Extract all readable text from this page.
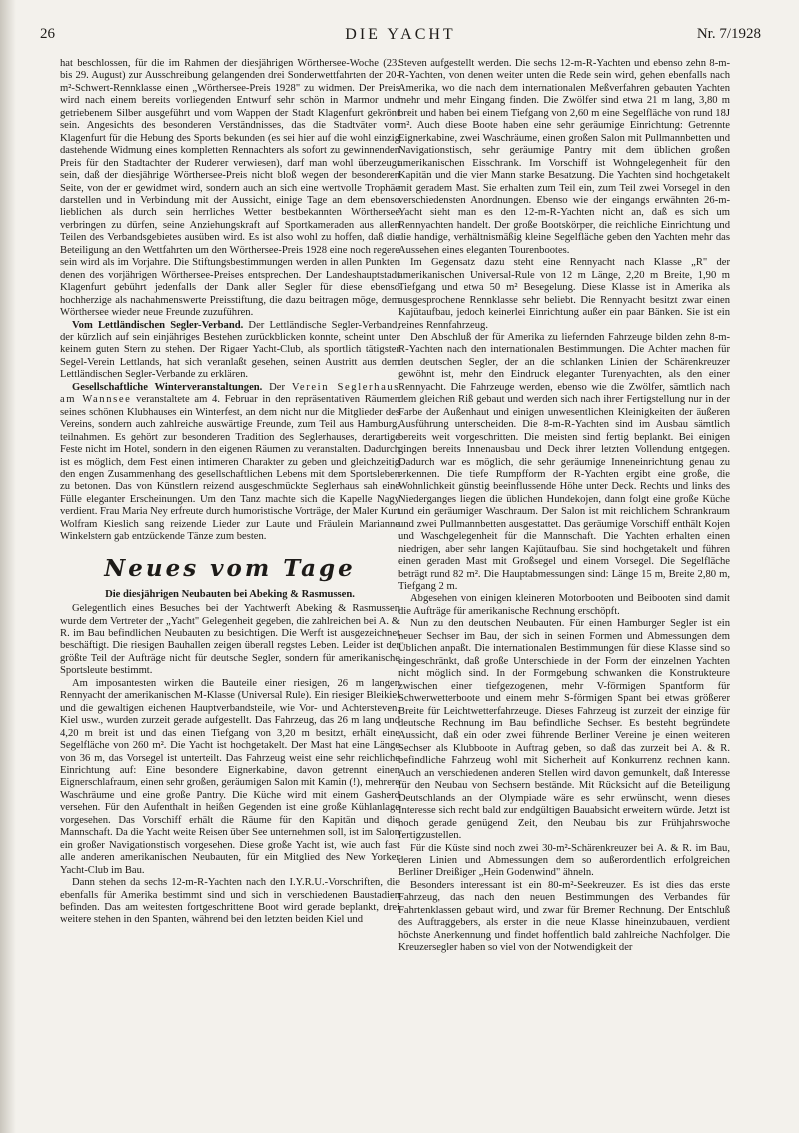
26	DIE YACHT	Nr. 7/1928

hat beschlossen, für die im Rahmen der diesjährigen Wörthersee-Woche (23. bis 29. August) zur Ausschreibung gelangenden drei Sonderwettfahrten der 20-m²-Schwert-Rennklasse einen „Wörthersee-Preis 1928" zu widmen. Der Preis wird nach einem bereits vorliegenden Entwurf sehr schön in Marmor und getriebenem Silber ausgeführt und vom Wappen der Stadt Klagenfurt gekrönt sein. Angesichts des besonderen Verständnisses, das die Stadtväter von Klagenfurt für die Hebung des Sports bekunden (es sei hier auf die wohl einzig dastehende Widmung eines kompletten Rennachters als sofort zu gewinnenden Preis für den Stadtachter der Ruderer verwiesen), darf man wohl überzeugt sein, daß der diesjährige Wörthersee-Preis nicht bloß wegen der besonderen Seite, von der er gewidmet wird, sondern auch an sich eine wertvolle Trophäe darstellen und in Verbindung mit der Aussicht, einige Tage an dem ebenso lieblichen als durch sein herrliches Wetter bestbekannten Wörthersee verbringen zu dürfen, seine Anziehungskraft auf Sportkameraden aus allen Teilen des Verbandsgebietes ausüben wird. Es ist also wohl zu hoffen, daß die Beteiligung an den Wettfahrten um den Wörthersee-Preis 1928 eine noch regere sein wird als im Vorjahre. Die Stiftungsbestimmungen werden in allen Punkten denen des vorjährigen Wörthersee-Preises entsprechen. Der Landeshauptstadt Klagenfurt gebührt jedenfalls der Dank aller Segler für diese ebenso hochherzige als nachahmenswerte Preisstiftung, die dazu beitragen möge, dem Wörthersee wieder neue Freunde zuzuführen.

Vom Lettländischen Segler-Verband. Der Lettländische Segler-Verband, der kürzlich auf sein einjähriges Bestehen zurückblicken konnte, scheint unter keinem guten Stern zu stehen. Der Rigaer Yacht-Club, als sportlich tätigster Segel-Verein Lettlands, hat sich veranlaßt gesehen, seinen Austritt aus dem Lettländischen Segler-Verbande zu erklären.

Gesellschaftliche Winterveranstaltungen. Der Verein Seglerhaus am Wannsee veranstaltete am 4. Februar in den repräsentativen Räumen seines schönen Klubhauses ein Winterfest, an dem nicht nur die Mitglieder des Vereins, sondern auch zahlreiche auswärtige Freunde, zum Teil aus Hamburg, teilnahmen. Es gehört zur besonderen Tradition des Seglerhauses, derartige Feste nicht im Hotel, sondern in den eigenen Räumen zu veranstalten. Dadurch ist es möglich, dem Fest einen intimeren Charakter zu geben und gleichzeitig den engen Zusammenhang des gesellschaftlichen Lebens mit dem Sportsleben zu betonen. Das von Künstlern reizend ausgeschmückte Seglerhaus sah eine Fülle eleganter Erscheinungen. Um den Tanz machte sich die Kapelle Nagy verdient. Frau Maria Ney erfreute durch humoristische Vorträge, der Maler Kurt Wolfram Kieslich sang reizende Lieder zur Laute und Fräulein Marianne Winkelstern gab entzückende Tänze zum besten.

Neues vom Tage
Die diesjährigen Neubauten bei Abeking & Rasmussen.

Gelegentlich eines Besuches bei der Yachtwerft Abeking & Rasmussen wurde dem Vertreter der „Yacht" Gelegenheit gegeben, die zahlreichen bei A. & R. im Bau befindlichen Neubauten zu besichtigen. Die Werft ist ausgezeichnet beschäftigt. Die riesigen Bauhallen zeigen überall regstes Leben. Leider ist der größte Teil der Aufträge nicht für deutsche Segler, sondern für amerikanische Sportsleute bestimmt.

Am imposantesten wirken die Bauteile einer riesigen, 26 m langen Rennyacht der amerikanischen M-Klasse (Universal Rule). Ein riesiger Bleikiel und die gewaltigen eichenen Hauptverbandsteile, wie Vor- und Achtersteven, Kiel usw., wurden zurzeit gerade aufgestellt. Das Fahrzeug, das 26 m lang und 4,20 m breit ist und das einen Tiefgang von 3,20 m besitzt, erhält eine Segelfläche von 260 m². Die Yacht ist hochgetakelt. Der Mast hat eine Länge von 36 m, das Vorsegel ist unterteilt. Das Fahrzeug weist eine sehr reichliche Einrichtung auf: Eine besondere Eignerkabine, davon getrennt einen Eignerschlafraum, einen sehr großen, geräumigen Salon mit Kamin (!), mehrere Waschräume und eine große Pantry. Die Küche wird mit einem Gasherd versehen. Für den Aufenthalt in heißen Gegenden ist eine große Kühlanlage vorgesehen. Das Vorschiff erhält die Räume für den Kapitän und die Mannschaft. Da die Yacht weite Reisen über See unternehmen soll, ist im Salon ein großer Navigationstisch vorgesehen. Diese große Yacht ist, wie auch fast alle anderen amerikanischen Neubauten, für ein Mitglied des New Yorker Yacht-Club im Bau.

Dann stehen da sechs 12-m-R-Yachten nach den I.Y.R.U.-Vorschriften, die ebenfalls für Amerika bestimmt sind und sich in verschiedenen Baustadien befinden. Das am weitesten fortgeschrittene Boot wird gerade beplankt, drei weitere stehen in den Spanten, während bei den letzten beiden Kiel und

Steven aufgestellt werden. Die sechs 12-m-R-Yachten und ebenso zehn 8-m-R-Yachten, von denen weiter unten die Rede sein wird, gehen ebenfalls nach Amerika, wo die nach dem internationalen Meßverfahren gebauten Yachten mehr und mehr Eingang finden. Die Zwölfer sind etwa 21 m lang, 3,80 m breit und haben bei einem Tiefgang von 2,60 m eine Segelfläche von rund 18J m². Auch diese Boote haben eine sehr geräumige Einrichtung: Getrennte Eignerkabine, zwei Waschräume, einen großen Salon mit Pullmannbetten und Navigationstisch, sehr geräumige Pantry mit dem üblichen großen amerikanischen Eisschrank. Im Vorschiff ist Wohngelegenheit für den Kapitän und die vier Mann starke Besatzung. Die Yachten sind hochgetakelt mit geradem Mast. Sie erhalten zum Teil ein, zum Teil zwei Vorsegel in den verschiedensten Anordnungen. Ebenso wie der eingangs erwähnten 26-m-Yacht sieht man es den 12-m-R-Yachten nicht an, daß es sich um Rennyachten handelt. Der große Bootskörper, die reichliche Einrichtung und die handige, verhältnismäßig kleine Segelfläche geben den Yachten mehr das Aussehen eines eleganten Tourenbootes.

Im Gegensatz dazu steht eine Rennyacht nach Klasse „R" der amerikanischen Universal-Rule von 12 m Länge, 2,20 m Breite, 1,90 m Tiefgang und etwa 50 m² Besegelung. Diese Klasse ist in Amerika als ausgesprochene Rennklasse sehr beliebt. Die Rennyacht besitzt zwar einen Kajütaufbau, jedoch keinerlei Einrichtung außer ein paar Bänken. Sie ist ein reines Rennfahrzeug.

Den Abschluß der für Amerika zu liefernden Fahrzeuge bilden zehn 8-m-R-Yachten nach den internationalen Bestimmungen. Die Achter machen für den deutschen Segler, der an die schlanken Linien der Schärenkreuzer gewöhnt ist, mehr den Eindruck eleganter Turenyachten, als den einer Rennyacht. Die Fahrzeuge werden, ebenso wie die Zwölfer, sämtlich nach dem gleichen Riß gebaut und werden sich nach ihrer Fertigstellung nur in der Farbe der Außenhaut und einigen unwesentlichen Kleinigkeiten der äußeren Ausführung unterscheiden. Die 8-m-R-Yachten sind im Ausbau sämtlich bereits weit vorgeschritten. Die meisten sind fertig beplankt. Bei einigen gingen bereits Innenausbau und Deck ihrer letzten Vollendung entgegen. Dadurch war es möglich, die sehr geräumige Inneneinrichtung genau zu erkennen. Die tiefe Rumpfform der R-Yachten ergibt eine große, die Wohnlichkeit günstig beeinflussende Höhe unter Deck. Rechts und links des Niederganges liegen die üblichen Hundekojen, dann folgt eine große Küche und ein geräumiger Waschraum. Der Salon ist mit reichlichem Schrankraum und zwei Pullmannbetten ausgestattet. Das geräumige Vorschiff enthält Kojen und Waschgelegenheit für die Mannschaft. Die Yachten erhalten einen niedrigen, aber sehr langen Kajütaufbau. Sie sind hochgetakelt und führen einen geraden Mast mit Großsegel und einem Vorsegel. Die Segelfläche beträgt rund 82 m². Die Hauptabmessungen sind: Länge 15 m, Breite 2,80 m, Tiefgang 2 m.

Abgesehen von einigen kleineren Motorbooten und Beibooten sind damit die Aufträge für amerikanische Rechnung erschöpft.

Nun zu den deutschen Neubauten. Für einen Hamburger Segler ist ein neuer Sechser im Bau, der sich in seinen Formen und Abmessungen dem Üblichen anpaßt. Die internationalen Bestimmungen für diese Klasse sind so eingeschränkt, daß große Unterschiede in der Form der einzelnen Yachten nicht möglich sind. In der Formgebung schwanken die Konstrukteure zwischen einer tiefgezogenen, mehr V-förmigen Spantform für Schwerwetterboote und einem mehr S-förmigen Spant bei etwas größerer Breite für Leichtwetterfahrzeuge. Dieses Fahrzeug ist zurzeit der einzige für deutsche Rechnung im Bau befindliche Sechser. Es besteht begründete Aussicht, daß ein oder zwei führende Berliner Vereine je einen weiteren Sechser als Klubboote in Auftrag geben, so daß das zurzeit bei A. & R. befindliche Fahrzeug wohl mit Sicherheit auf Konkurrenz rechnen kann. Auch an verschiedenen anderen Stellen wird davon gemunkelt, daß Interesse für den Neubau von Sechsern bestände. Mit Rücksicht auf die Beteiligung Deutschlands an der Olympiade wäre es sehr erwünscht, wenn dieses Interesse sich recht bald zur endgültigen Bauabsicht erweitern würde. Jetzt ist noch gerade genügend Zeit, den Neubau bis zur Frühjahrswoche fertigzustellen.

Für die Küste sind noch zwei 30-m²-Schärenkreuzer bei A. & R. im Bau, deren Linien und Abmessungen dem so außerordentlich erfolgreichen Berliner Dreißiger „Hein Godenwind" ähneln.

Besonders interessant ist ein 80-m²-Seekreuzer. Es ist dies das erste Fahrzeug, das nach den neuen Bestimmungen des Verbandes für Fahrtenklassen gebaut wird, und zwar für Bremer Rechnung. Der Entschluß des Auftraggebers, als erster in die neue Klasse hineinzubauen, verdient höchste Anerkennung und findet hoffentlich bald zahlreiche Nachfolger. Die Kreuzersegler haben so viel von der Notwendigkeit der
